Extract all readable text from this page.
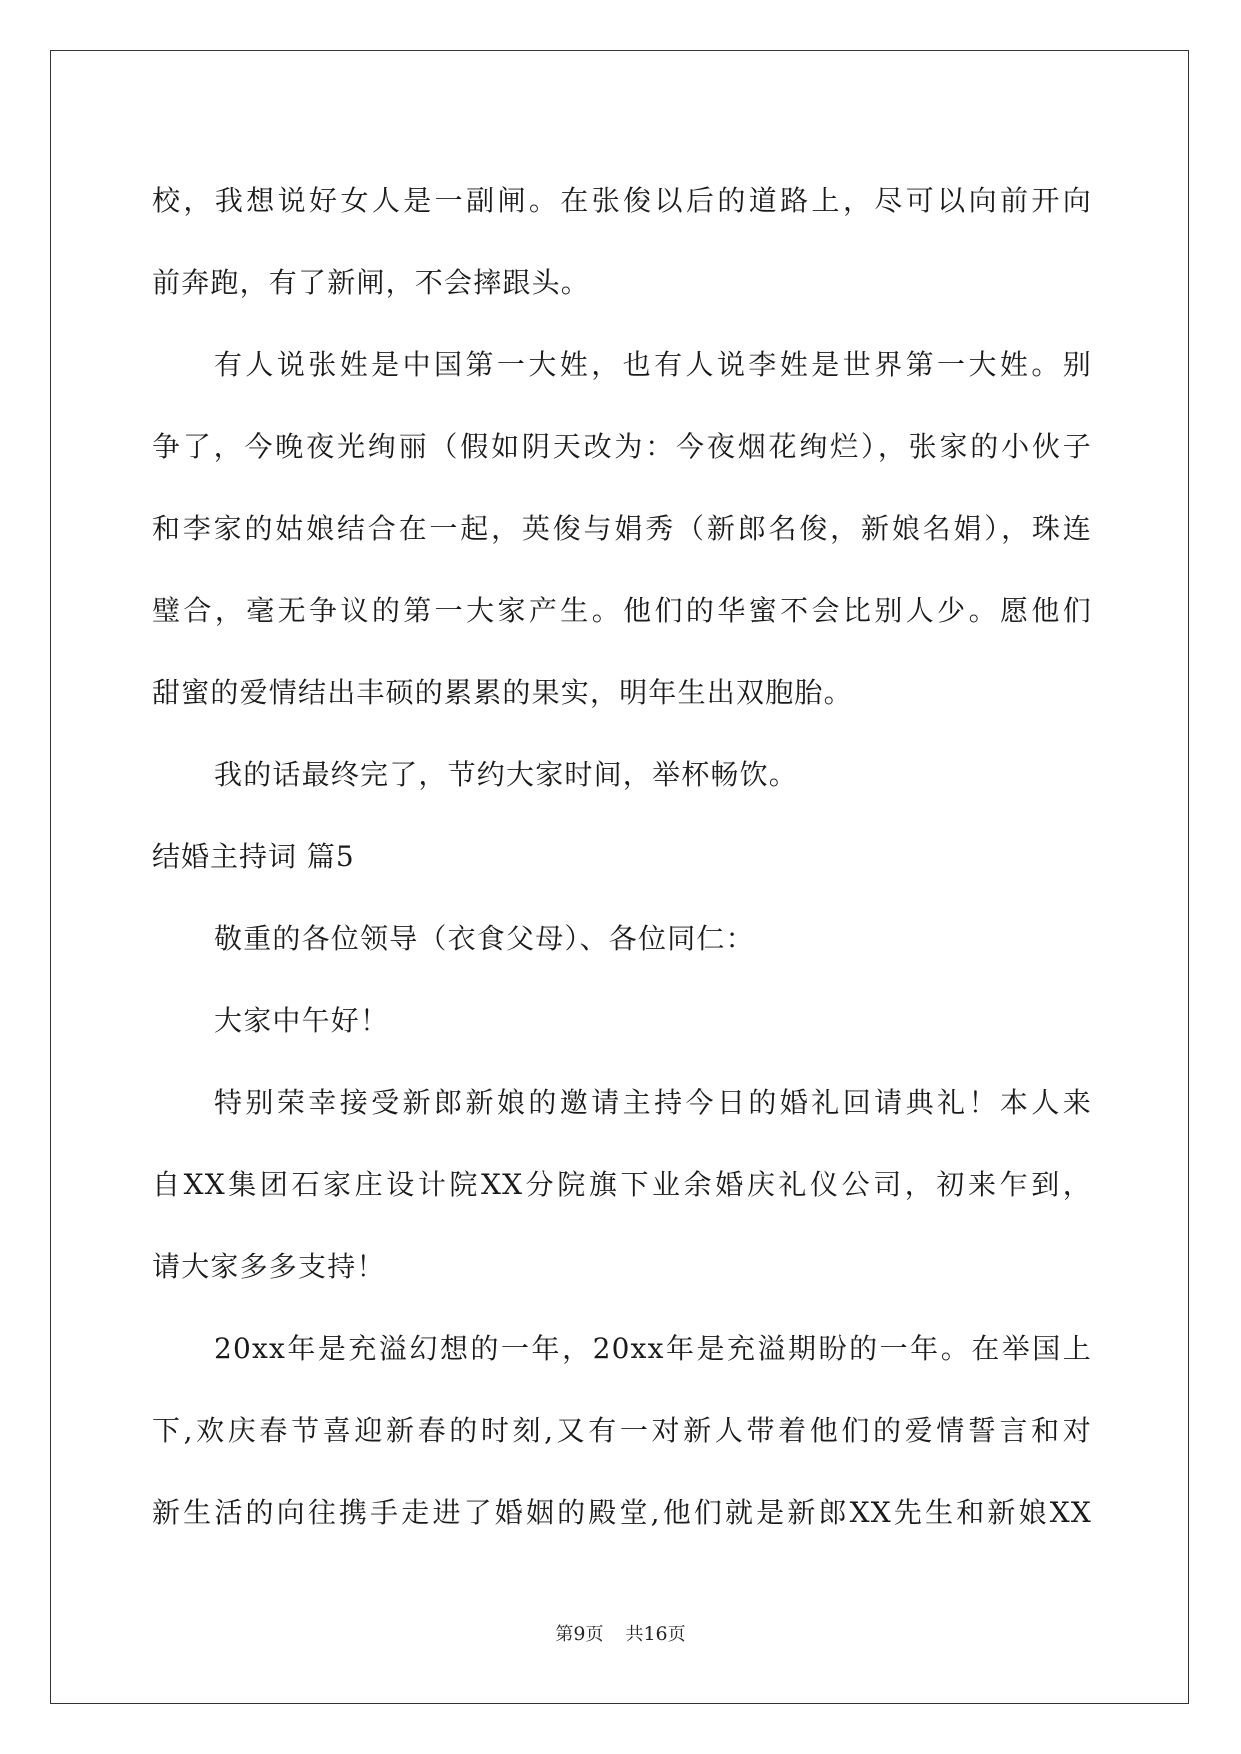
校，我想说好女人是一副闸。在张俊以后的道路上，尽可以向前开向

前奔跑，有了新闸，不会摔跟头。

有人说张姓是中国第一大姓，也有人说李姓是世界第一大姓。别

争了，今晚夜光绚丽（假如阴天改为：今夜烟花绚烂），张家的小伙子

和李家的姑娘结合在一起，英俊与娟秀（新郎名俊，新娘名娟），珠连

璧合，毫无争议的第一大家产生。他们的华蜜不会比别人少。愿他们

甜蜜的爱情结出丰硕的累累的果实，明年生出双胞胎。

我的话最终完了，节约大家时间，举杯畅饮。

结婚主持词 篇5

敬重的各位领导（衣食父母）、各位同仁：

大家中午好！

特别荣幸接受新郎新娘的邀请主持今日的婚礼回请典礼！本人来

自XX集团石家庄设计院XX分院旗下业余婚庆礼仪公司，初来乍到，

请大家多多支持！

20xx年是充溢幻想的一年，20xx年是充溢期盼的一年。在举国上

下,欢庆春节喜迎新春的时刻,又有一对新人带着他们的爱情誓言和对

新生活的向往携手走进了婚姻的殿堂,他们就是新郎XX先生和新娘XX

第9页 共16页
